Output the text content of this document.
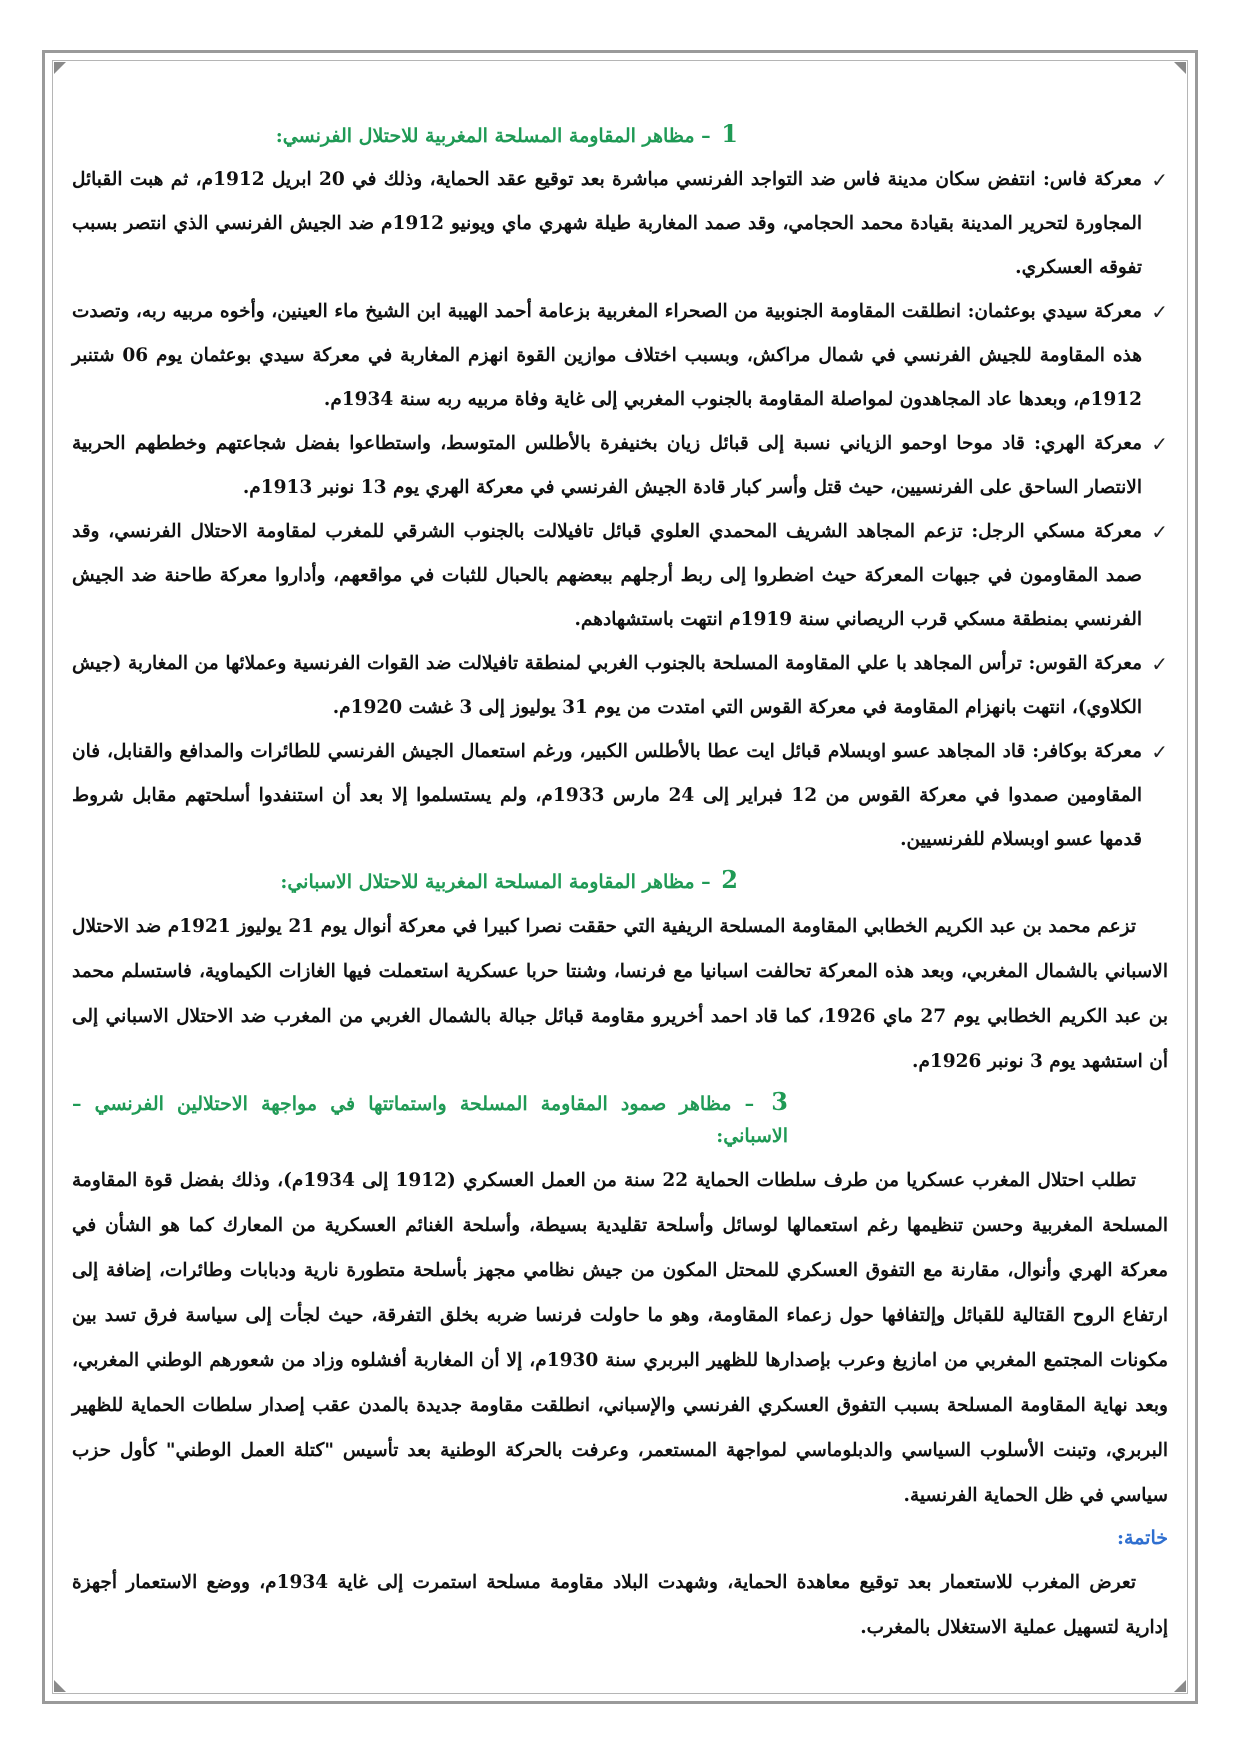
1 – مظاهر المقاومة المسلحة المغربية للاحتلال الفرنسي:
✓
معركة فاس: انتفض سكان مدينة فاس ضد التواجد الفرنسي مباشرة بعد توقيع عقد الحماية، وذلك في 20 ابريل 1912م، ثم هبت القبائل المجاورة لتحرير المدينة بقيادة محمد الحجامي، وقد صمد المغاربة طيلة شهري ماي ويونيو 1912م ضد الجيش الفرنسي الذي انتصر بسبب تفوقه العسكري.
✓
معركة سيدي بوعثمان: انطلقت المقاومة الجنوبية من الصحراء المغربية بزعامة أحمد الهيبة ابن الشيخ ماء العينين، وأخوه مربيه ربه، وتصدت هذه المقاومة للجيش الفرنسي في شمال مراكش، وبسبب اختلاف موازين القوة انهزم المغاربة في معركة سيدي بوعثمان يوم 06 شتنبر 1912م، وبعدها عاد المجاهدون لمواصلة المقاومة بالجنوب المغربي إلى غاية وفاة مربيه ربه سنة 1934م.
✓
معركة الهري: قاد موحا اوحمو الزياني نسبة إلى قبائل زيان بخنيفرة بالأطلس المتوسط، واستطاعوا بفضل شجاعتهم وخططهم الحربية الانتصار الساحق على الفرنسيين، حيث قتل وأسر كبار قادة الجيش الفرنسي في معركة الهري يوم 13 نونبر 1913م.
✓
معركة مسكي الرجل: تزعم المجاهد الشريف المحمدي العلوي قبائل تافيلالت بالجنوب الشرقي للمغرب لمقاومة الاحتلال الفرنسي، وقد صمد المقاومون في جبهات المعركة حيث اضطروا إلى ربط أرجلهم ببعضهم بالحبال للثبات في مواقعهم، وأداروا معركة طاحنة ضد الجيش الفرنسي بمنطقة مسكي قرب الريصاني سنة 1919م انتهت باستشهادهم.
✓
معركة القوس: ترأس المجاهد با علي المقاومة المسلحة بالجنوب الغربي لمنطقة تافيلالت ضد القوات الفرنسية وعملائها من المغاربة (جيش الكلاوي)، انتهت بانهزام المقاومة في معركة القوس التي امتدت من يوم 31 يوليوز إلى 3 غشت 1920م.
✓
معركة بوكافر: قاد المجاهد عسو اوبسلام قبائل ايت عطا بالأطلس الكبير، ورغم استعمال الجيش الفرنسي للطائرات والمدافع والقنابل، فان المقاومين صمدوا في معركة القوس من 12 فبراير إلى 24 مارس 1933م، ولم يستسلموا إلا بعد أن استنفدوا أسلحتهم مقابل شروط قدمها عسو اوبسلام للفرنسيين.
2 – مظاهر المقاومة المسلحة المغربية للاحتلال الاسباني:

تزعم محمد بن عبد الكريم الخطابي المقاومة المسلحة الريفية التي حققت نصرا كبيرا في معركة أنوال يوم 21 يوليوز 1921م ضد الاحتلال الاسباني بالشمال المغربي، وبعد هذه المعركة تحالفت اسبانيا مع فرنسا، وشنتا حربا عسكرية استعملت فيها الغازات الكيماوية، فاستسلم محمد بن عبد الكريم الخطابي يوم 27 ماي 1926، كما قاد احمد أخريرو مقاومة قبائل جبالة بالشمال الغربي من المغرب ضد الاحتلال الاسباني إلى أن استشهد يوم 3 نونبر 1926م.

3 – مظاهر صمود المقاومة المسلحة واستماتتها في مواجهة الاحتلالين الفرنسي – الاسباني:

تطلب احتلال المغرب عسكريا من طرف سلطات الحماية 22 سنة من العمل العسكري (1912 إلى 1934م)، وذلك بفضل قوة المقاومة المسلحة المغربية وحسن تنظيمها رغم استعمالها لوسائل وأسلحة تقليدية بسيطة، وأسلحة الغنائم العسكرية من المعارك كما هو الشأن في معركة الهري وأنوال، مقارنة مع التفوق العسكري للمحتل المكون من جيش نظامي مجهز بأسلحة متطورة نارية ودبابات وطائرات، إضافة إلى ارتفاع الروح القتالية للقبائل وإلتفافها حول زعماء المقاومة، وهو ما حاولت فرنسا ضربه بخلق التفرقة، حيث لجأت إلى سياسة فرق تسد بين مكونات المجتمع المغربي من امازيغ وعرب بإصدارها للظهير البربري سنة 1930م، إلا أن المغاربة أفشلوه وزاد من شعورهم الوطني المغربي، وبعد نهاية المقاومة المسلحة بسبب التفوق العسكري الفرنسي والإسباني، انطلقت مقاومة جديدة بالمدن عقب إصدار سلطات الحماية للظهير البربري، وتبنت الأسلوب السياسي والدبلوماسي لمواجهة المستعمر، وعرفت بالحركة الوطنية بعد تأسيس "كتلة العمل الوطني" كأول حزب سياسي في ظل الحماية الفرنسية.

خاتمة:

تعرض المغرب للاستعمار بعد توقيع معاهدة الحماية، وشهدت البلاد مقاومة مسلحة استمرت إلى غاية 1934م، ووضع الاستعمار أجهزة إدارية لتسهيل عملية الاستغلال بالمغرب.
